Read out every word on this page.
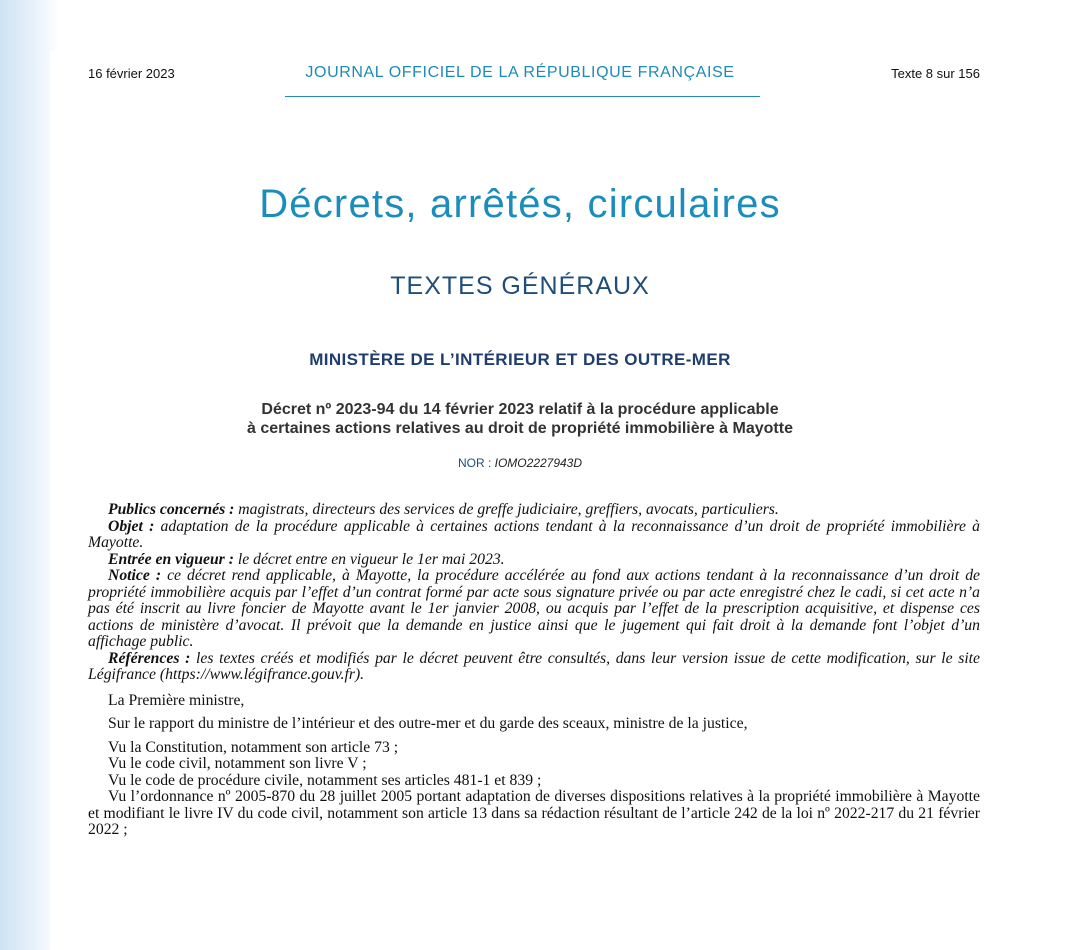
16 février 2023	JOURNAL OFFICIEL DE LA RÉPUBLIQUE FRANÇAISE	Texte 8 sur 156
Décrets, arrêtés, circulaires
TEXTES GÉNÉRAUX
MINISTÈRE DE L’INTÉRIEUR ET DES OUTRE-MER
Décret nº 2023-94 du 14 février 2023 relatif à la procédure applicable
à certaines actions relatives au droit de propriété immobilière à Mayotte
NOR : IOMO2227943D

Publics concernés : magistrats, directeurs des services de greffe judiciaire, greffiers, avocats, particuliers.

Objet : adaptation de la procédure applicable à certaines actions tendant à la reconnaissance d’un droit de propriété immobilière à Mayotte.

Entrée en vigueur : le décret entre en vigueur le 1er mai 2023.

Notice : ce décret rend applicable, à Mayotte, la procédure accélérée au fond aux actions tendant à la reconnaissance d’un droit de propriété immobilière acquis par l’effet d’un contrat formé par acte sous signature privée ou par acte enregistré chez le cadi, si cet acte n’a pas été inscrit au livre foncier de Mayotte avant le 1er janvier 2008, ou acquis par l’effet de la prescription acquisitive, et dispense ces actions de ministère d’avocat. Il prévoit que la demande en justice ainsi que le jugement qui fait droit à la demande font l’objet d’un affichage public.

Références : les textes créés et modifiés par le décret peuvent être consultés, dans leur version issue de cette modification, sur le site Légifrance (https://www.légifrance.gouv.fr).

La Première ministre,

Sur le rapport du ministre de l’intérieur et des outre-mer et du garde des sceaux, ministre de la justice,

Vu la Constitution, notamment son article 73 ;

Vu le code civil, notamment son livre V ;

Vu le code de procédure civile, notamment ses articles 481-1 et 839 ;

Vu l’ordonnance nº 2005-870 du 28 juillet 2005 portant adaptation de diverses dispositions relatives à la propriété immobilière à Mayotte et modifiant le livre IV du code civil, notamment son article 13 dans sa rédaction résultant de l’article 242 de la loi nº 2022-217 du 21 février 2022 ;
